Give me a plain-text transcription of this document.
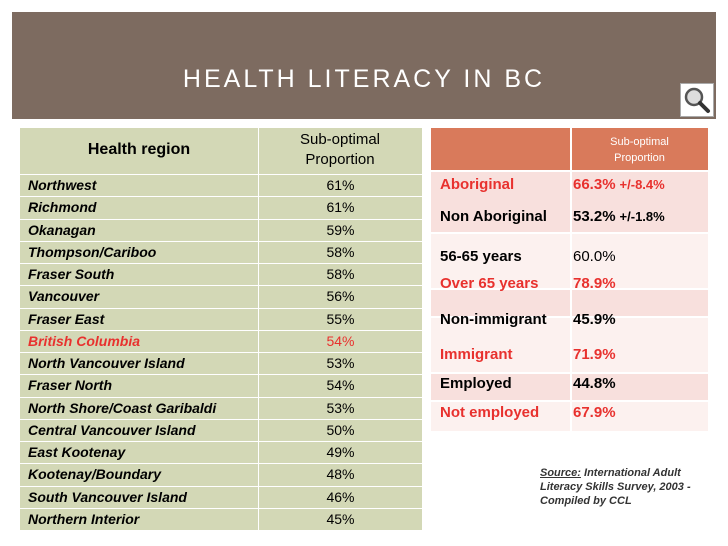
HEALTH LITERACY IN BC
Health region
Sub-optimal
Proportion
Northwest	61%
Richmond	61%
Okanagan	59%
Thompson/Cariboo	58%
Fraser South	58%
Vancouver	56%
Fraser East	55%
British Columbia	54%
North Vancouver Island	53%
Fraser North	54%
North Shore/Coast Garibaldi	53%
Central Vancouver Island	50%
East Kootenay	49%
Kootenay/Boundary	48%
South Vancouver Island	46%
Northern Interior	45%
Sub-optimal
Proportion
Aboriginal	66.3% +/-8.4%
Non Aboriginal 53.2% +/-1.8%
56-65 years	60.0%
Over 65 years 78.9%
Non-immigrant 45.9%
Immigrant	71.9%
Employed	44.8%
Not employed 67.9%
Source: International Adult Literacy Skills Survey, 2003 - Compiled by CCL
